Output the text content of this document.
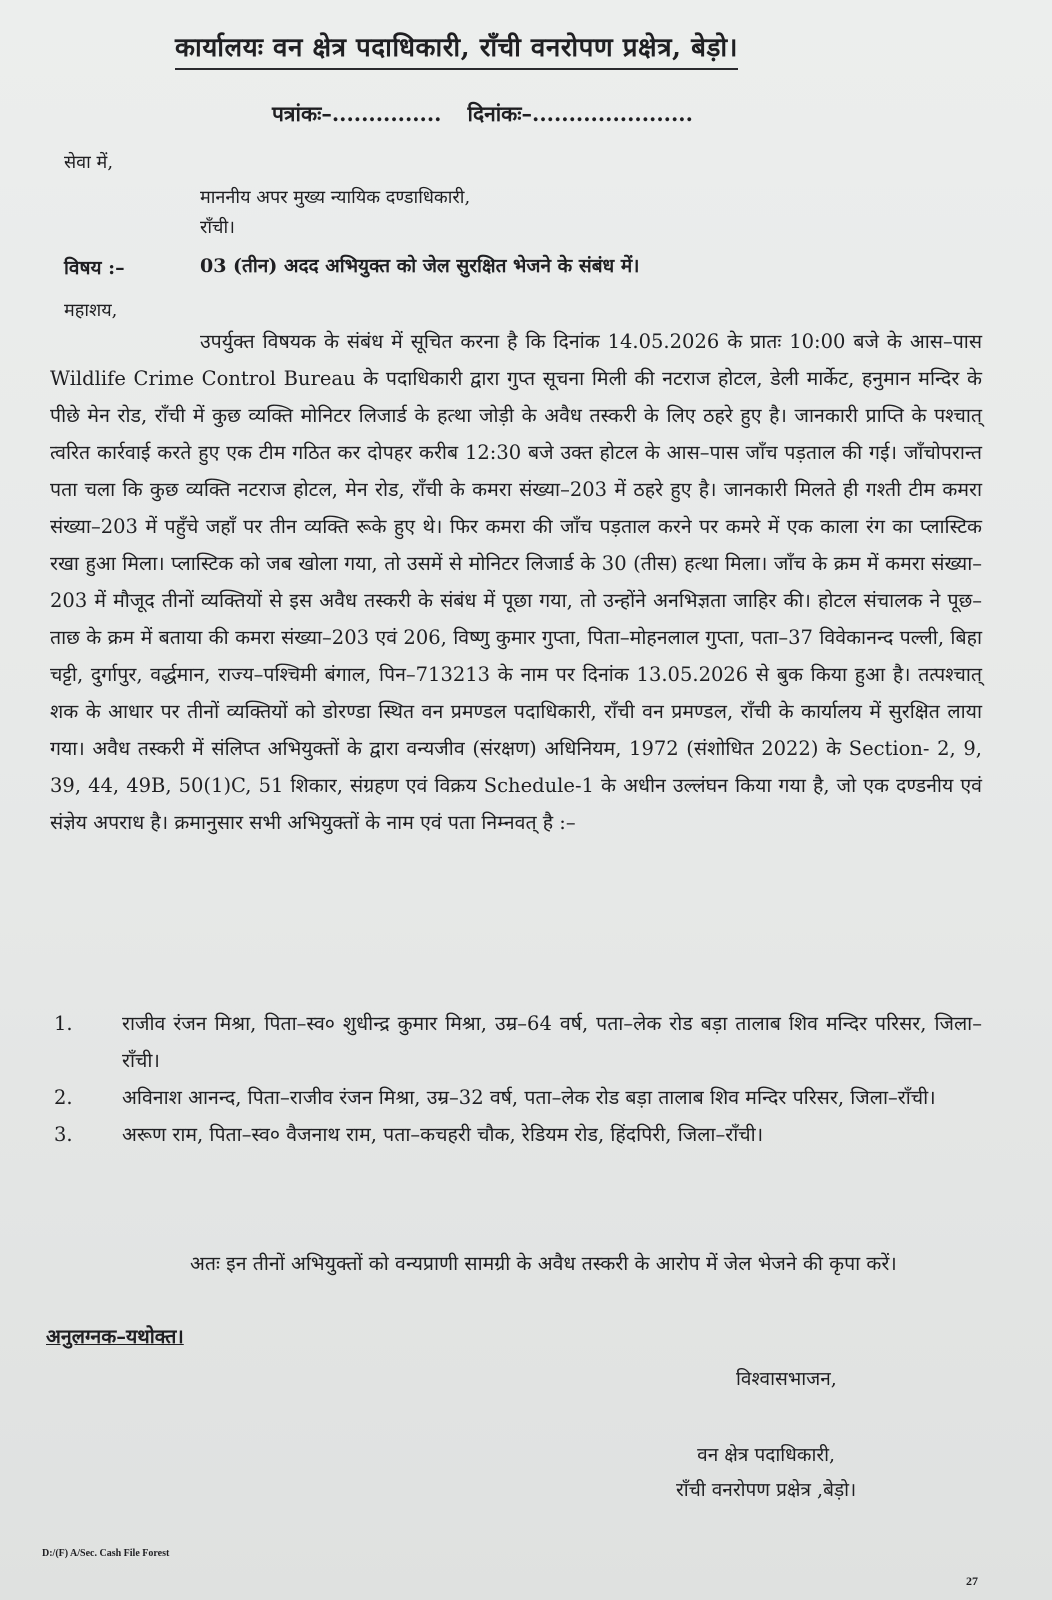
कार्यालयः वन क्षेत्र पदाधिकारी, राँची वनरोपण प्रक्षेत्र, बेड़ो।
पत्रांकः–............... दिनांकः–......................
सेवा में,
माननीय अपर मुख्य न्यायिक दण्डाधिकारी,
राँची।
विषय :–	03 (तीन) अदद अभियुक्त को जेल सुरक्षित भेजने के संबंध में।
महाशय,
उपर्युक्त विषयक के संबंध में सूचित करना है कि दिनांक 14.05.2026 के प्रातः 10:00 बजे के आस–पास Wildlife Crime Control Bureau के पदाधिकारी द्वारा गुप्त सूचना मिली की नटराज होटल, डेली मार्केट, हनुमान मन्दिर के पीछे मेन रोड, राँची में कुछ व्यक्ति मोनिटर लिजार्ड के हत्था जोड़ी के अवैध तस्करी के लिए ठहरे हुए है। जानकारी प्राप्ति के पश्चात् त्वरित कार्रवाई करते हुए एक टीम गठित कर दोपहर करीब 12:30 बजे उक्त होटल के आस–पास जाँच पड़ताल की गई। जाँचोपरान्त पता चला कि कुछ व्यक्ति नटराज होटल, मेन रोड, राँची के कमरा संख्या–203 में ठहरे हुए है। जानकारी मिलते ही गश्ती टीम कमरा संख्या–203 में पहुँचे जहाँ पर तीन व्यक्ति रूके हुए थे। फिर कमरा की जाँच पड़ताल करने पर कमरे में एक काला रंग का प्लास्टिक रखा हुआ मिला। प्लास्टिक को जब खोला गया, तो उसमें से मोनिटर लिजार्ड के 30 (तीस) हत्था मिला। जाँच के क्रम में कमरा संख्या–203 में मौजूद तीनों व्यक्तियों से इस अवैध तस्करी के संबंध में पूछा गया, तो उन्होंने अनभिज्ञता जाहिर की। होटल संचालक ने पूछ–ताछ के क्रम में बताया की कमरा संख्या–203 एवं 206, विष्णु कुमार गुप्ता, पिता–मोहनलाल गुप्ता, पता–37 विवेकानन्द पल्ली, बिहा चट्टी, दुर्गापुर, वर्द्धमान, राज्य–पश्चिमी बंगाल, पिन–713213 के नाम पर दिनांक 13.05.2026 से बुक किया हुआ है। तत्पश्चात् शक के आधार पर तीनों व्यक्तियों को डोरण्डा स्थित वन प्रमण्डल पदाधिकारी, राँची वन प्रमण्डल, राँची के कार्यालय में सुरक्षित लाया गया। अवैध तस्करी में संलिप्त अभियुक्तों के द्वारा वन्यजीव (संरक्षण) अधिनियम, 1972 (संशोधित 2022) के Section- 2, 9, 39, 44, 49B, 50(1)C, 51 शिकार, संग्रहण एवं विक्रय Schedule-1 के अधीन उल्लंघन किया गया है, जो एक दण्डनीय एवं संज्ञेय अपराध है। क्रमानुसार सभी अभियुक्तों के नाम एवं पता निम्नवत् है :–
1.	राजीव रंजन मिश्रा, पिता–स्व० शुधीन्द्र कुमार मिश्रा, उम्र–64 वर्ष, पता–लेक रोड बड़ा तालाब शिव मन्दिर परिसर, जिला–राँची।
2.	अविनाश आनन्द, पिता–राजीव रंजन मिश्रा, उम्र–32 वर्ष, पता–लेक रोड बड़ा तालाब शिव मन्दिर परिसर, जिला–राँची।
3.	अरूण राम, पिता–स्व० वैजनाथ राम, पता–कचहरी चौक, रेडियम रोड, हिंदपिरी, जिला–राँची।
अतः इन तीनों अभियुक्तों को वन्यप्राणी सामग्री के अवैध तस्करी के आरोप में जेल भेजने की कृपा करें।
अनुलग्नक–यथोक्त।
विश्वासभाजन,
वन क्षेत्र पदाधिकारी,
राँची वनरोपण प्रक्षेत्र ,बेड़ो।
D:/(F) A/Sec. Cash File Forest
27
